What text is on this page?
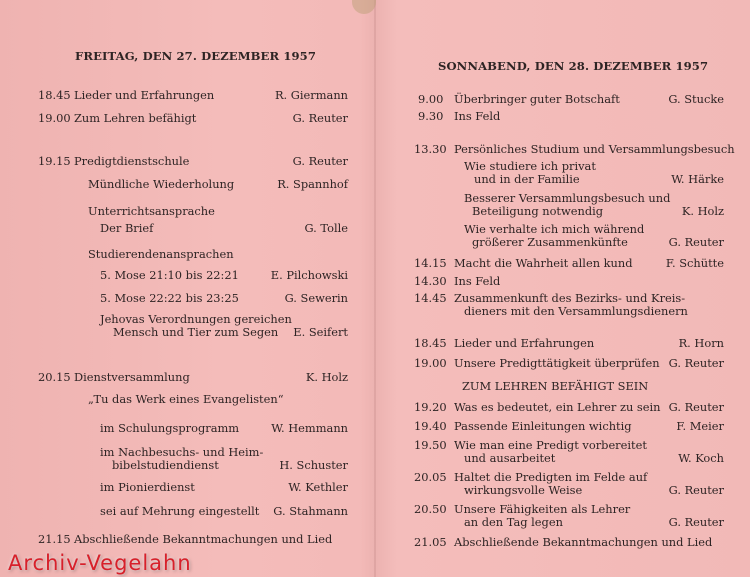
FREITAG, DEN 27. DEZEMBER 1957
18.45 Lieder und Erfahrungen	R. Giermann
19.00 Zum Lehren befähigt	G. Reuter
19.15 Predigtdienstschule	G. Reuter
Mündliche Wiederholung	R. Spannhof
Unterrichtsansprache
Der Brief	G. Tolle
Studierendenansprachen
5. Mose 21:10 bis 22:21	E. Pilchowski
5. Mose 22:22 bis 23:25	G. Sewerin
Jehovas Verordnungen gereichen
Mensch und Tier zum Segen E. Seifert
20.15 Dienstversammlung	K. Holz
„Tu das Werk eines Evangelisten“
im Schulungsprogramm	W. Hemmann
im Nachbesuchs- und Heim-
bibelstudiendienst	H. Schuster
im Pionierdienst	W. Kethler
sei auf Mehrung eingestellt G. Stahmann
21.15 Abschließende Bekanntmachungen und Lied
SONNABEND, DEN 28. DEZEMBER 1957
9.00 Überbringer guter Botschaft	G. Stucke
9.30 Ins Feld
13.30 Persönliches Studium und Versammlungsbesuch
Wie studiere ich privat
und in der Familie	W. Härke
Besserer Versammlungsbesuch und
Beteiligung notwendig	K. Holz
Wie verhalte ich mich während
größerer Zusammenkünfte	G. Reuter
14.15 Macht die Wahrheit allen kund	F. Schütte
14.30 Ins Feld
14.45 Zusammenkunft des Bezirks- und Kreis-
dieners mit den Versammlungsdienern
18.45 Lieder und Erfahrungen	R. Horn
19.00 Unsere Predigttätigkeit überprüfen G. Reuter
ZUM LEHREN BEFÄHIGT SEIN
19.20 Was es bedeutet, ein Lehrer zu sein G. Reuter
19.40 Passende Einleitungen wichtig	F. Meier
19.50 Wie man eine Predigt vorbereitet
und ausarbeitet	W. Koch
20.05 Haltet die Predigten im Felde auf
wirkungsvolle Weise	G. Reuter
20.50 Unsere Fähigkeiten als Lehrer
an den Tag legen	G. Reuter
21.05 Abschließende Bekanntmachungen und Lied
Archiv-Vegelahn
